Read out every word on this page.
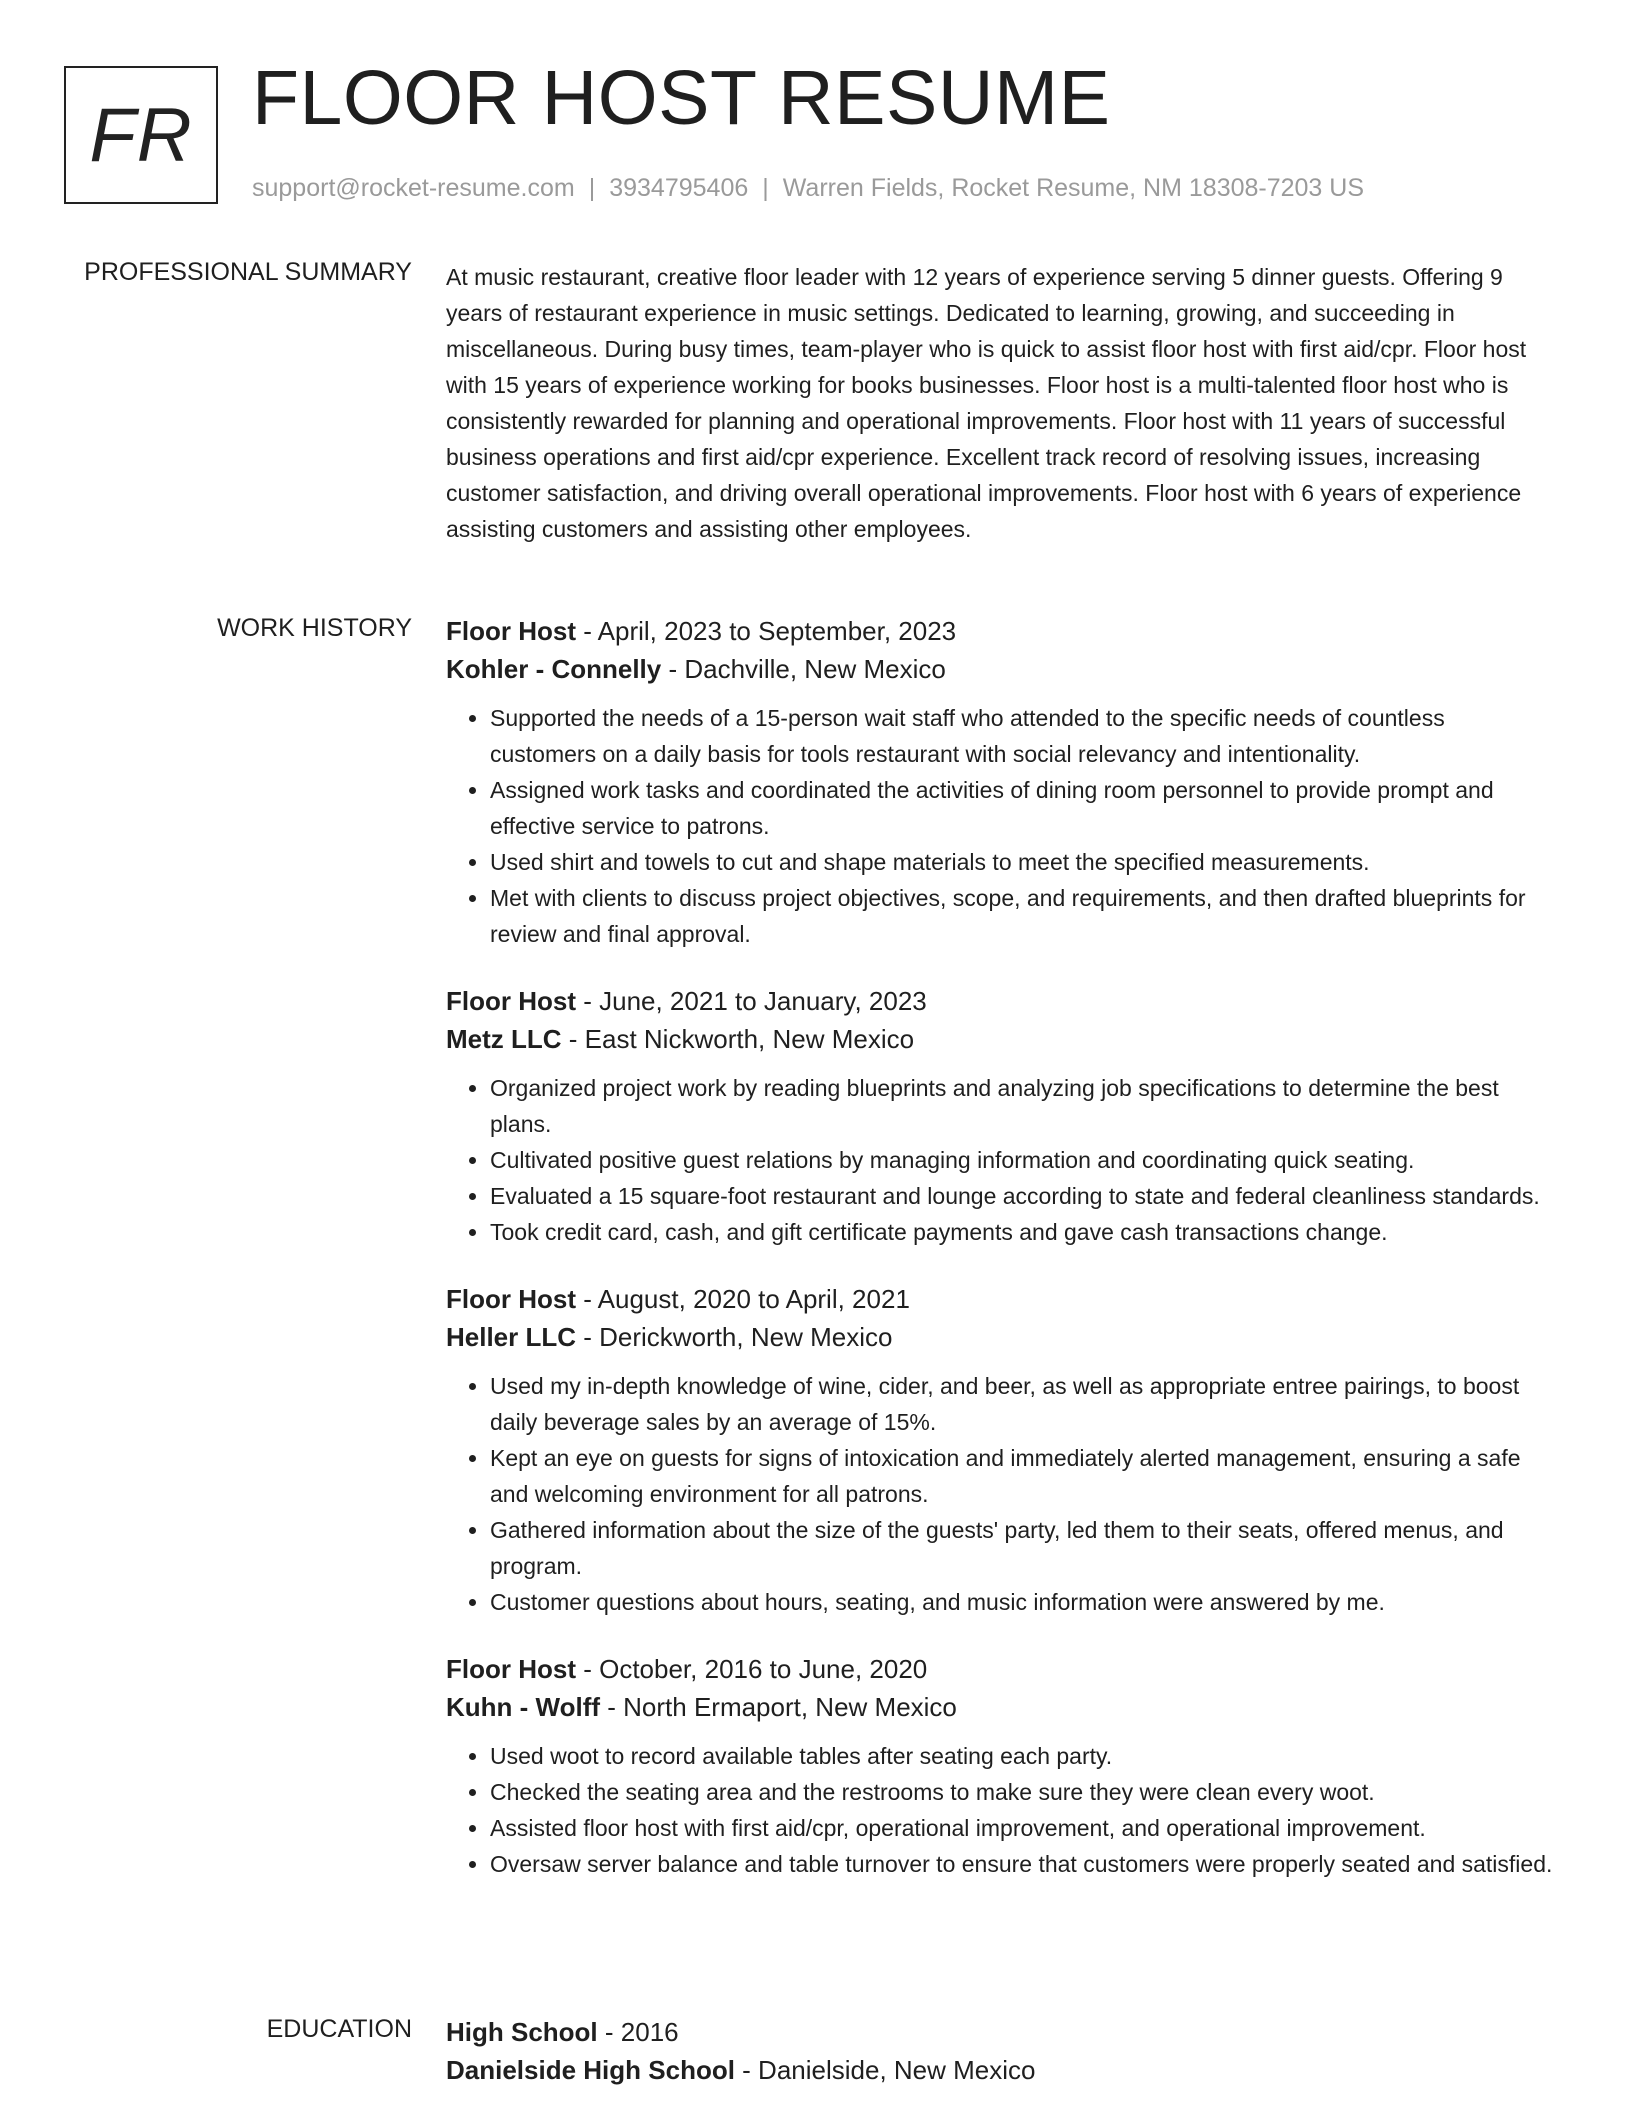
FR FLOOR HOST RESUME
support@rocket-resume.com | 3934795406 | Warren Fields, Rocket Resume, NM 18308-7203 US
PROFESSIONAL SUMMARY At music restaurant, creative floor leader with 12 years of experience serving 5 dinner guests. Offering 9 years of restaurant experience in music settings. Dedicated to learning, growing, and succeeding in miscellaneous. During busy times, team-player who is quick to assist floor host with first aid/cpr. Floor host with 15 years of experience working for books businesses. Floor host is a multi-talented floor host who is consistently rewarded for planning and operational improvements. Floor host with 11 years of successful business operations and first aid/cpr experience. Excellent track record of resolving issues, increasing customer satisfaction, and driving overall operational improvements. Floor host with 6 years of experience assisting customers and assisting other employees.

WORK HISTORY Floor Host - April, 2023 to September, 2023

Kohler - Connelly - Dachville, New Mexico

• Supported the needs of a 15-person wait staff who attended to the specific needs of countless customers on a daily basis for tools restaurant with social relevancy and intentionality.
• Assigned work tasks and coordinated the activities of dining room personnel to provide prompt and effective service to patrons.
• Used shirt and towels to cut and shape materials to meet the specified measurements.
• Met with clients to discuss project objectives, scope, and requirements, and then drafted blueprints for review and final approval.

Floor Host - June, 2021 to January, 2023

Metz LLC - East Nickworth, New Mexico

• Organized project work by reading blueprints and analyzing job specifications to determine the best plans.
• Cultivated positive guest relations by managing information and coordinating quick seating.
• Evaluated a 15 square-foot restaurant and lounge according to state and federal cleanliness standards.
• Took credit card, cash, and gift certificate payments and gave cash transactions change.

Floor Host - August, 2020 to April, 2021

Heller LLC - Derickworth, New Mexico

• Used my in-depth knowledge of wine, cider, and beer, as well as appropriate entree pairings, to boost daily beverage sales by an average of 15%.
• Kept an eye on guests for signs of intoxication and immediately alerted management, ensuring a safe and welcoming environment for all patrons.
• Gathered information about the size of the guests' party, led them to their seats, offered menus, and program.
• Customer questions about hours, seating, and music information were answered by me.

Floor Host - October, 2016 to June, 2020

Kuhn - Wolff - North Ermaport, New Mexico

• Used woot to record available tables after seating each party.
• Checked the seating area and the restrooms to make sure they were clean every woot.
• Assisted floor host with first aid/cpr, operational improvement, and operational improvement.
• Oversaw server balance and table turnover to ensure that customers were properly seated and satisfied.
EDUCATION High School - 2016

Danielside High School - Danielside, New Mexico
